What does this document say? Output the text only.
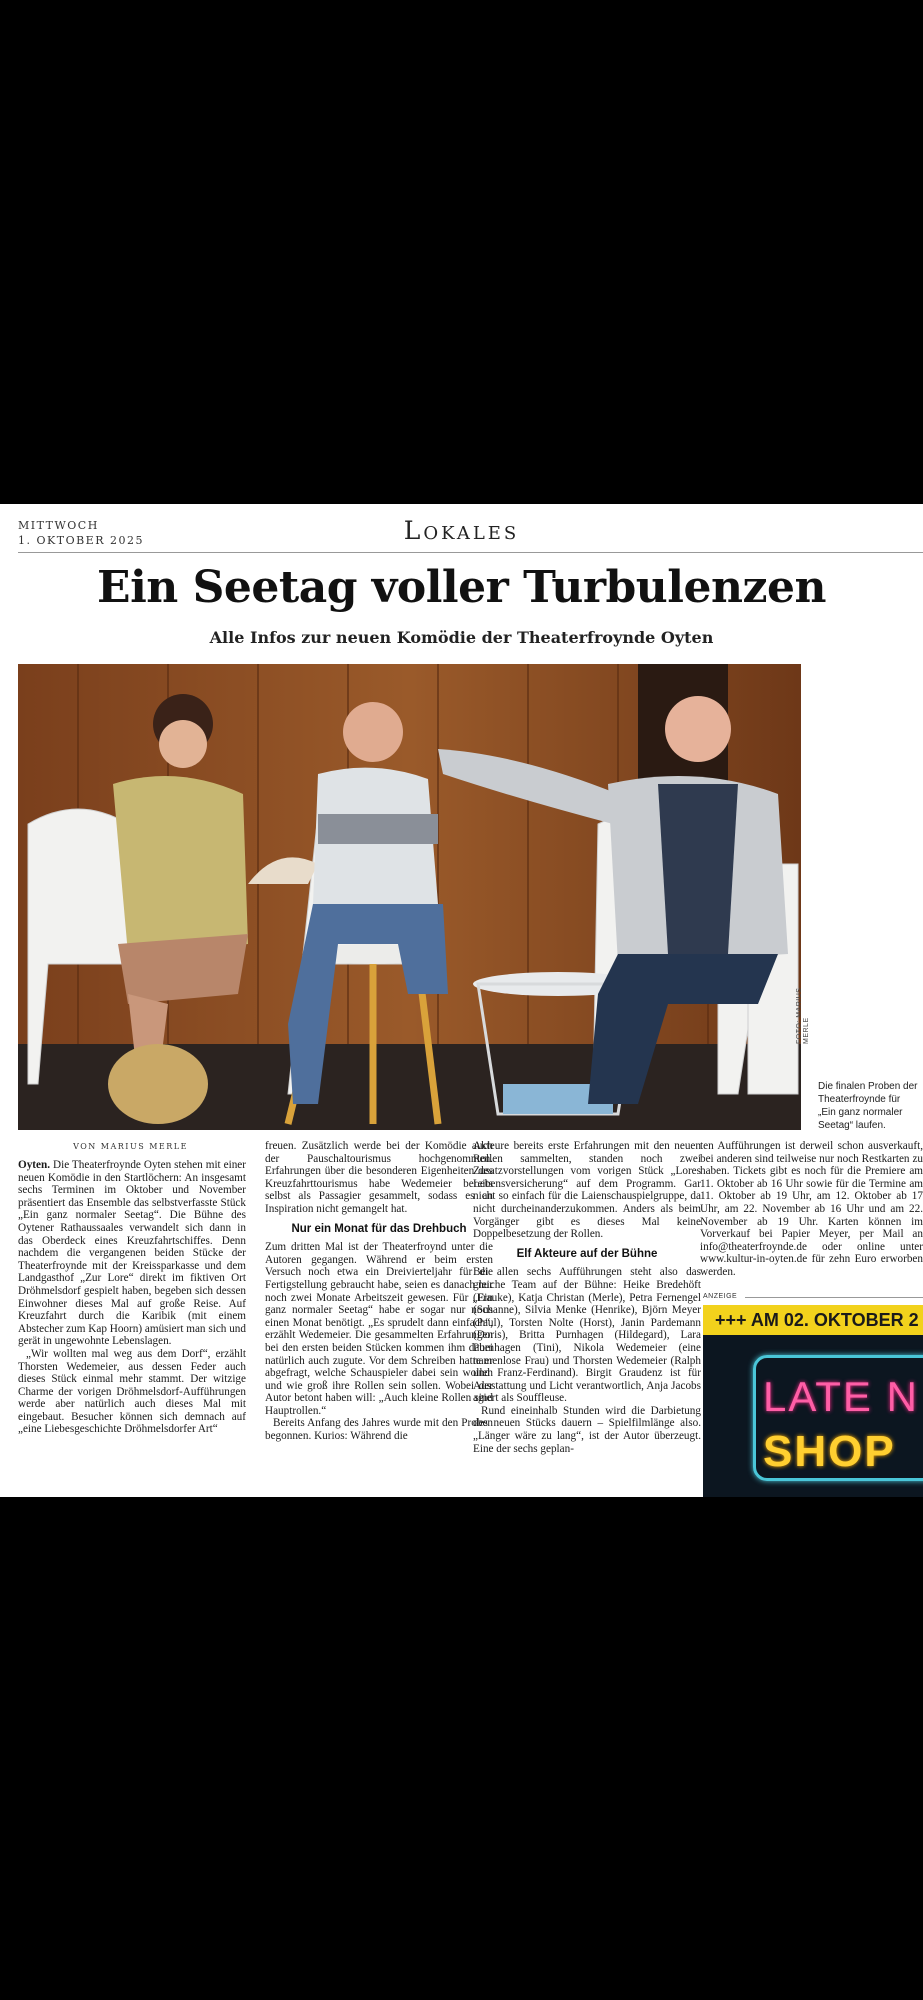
MITTWOCH
1. OKTOBER 2025	Lokales
Ein Seetag voller Turbulenzen
Alle Infos zur neuen Komödie der Theaterfroynde Oyten
FOTO: MARIUS MERLE
Die finalen Proben der Theaterfroynde für „Ein ganz normaler Seetag“ laufen.
VON MARIUS MERLE

Oyten. Die Theaterfroynde Oyten stehen mit einer neuen Komödie in den Startlöchern: An insgesamt sechs Terminen im Oktober und November präsentiert das Ensemble das selbstverfasste Stück „Ein ganz normaler Seetag“. Die Bühne des Oytener Rathaussaales verwandelt sich dann in das Oberdeck eines Kreuzfahrtschiffes. Denn nachdem die vergangenen beiden Stücke der Theaterfroynde mit der Kreissparkasse und dem Landgasthof „Zur Lore“ direkt im fiktiven Ort Dröhmelsdorf gespielt haben, begeben sich dessen Einwohner dieses Mal auf große Reise. Auf Kreuzfahrt durch die Karibik (mit einem Abstecher zum Kap Hoorn) amüsiert man sich und gerät in ungewohnte Lebenslagen.

„Wir wollten mal weg aus dem Dorf“, erzählt Thorsten Wedemeier, aus dessen Feder auch dieses Stück einmal mehr stammt. Der witzige Charme der vorigen Dröhmelsdorf-Aufführungen werde aber natürlich auch dieses Mal mit eingebaut. Besucher können sich demnach auf „eine Liebesgeschichte Dröhmelsdorfer Art“

freuen. Zusätzlich werde bei der Komödie auch der Pauschaltourismus hochgenommen. Erfahrungen über die besonderen Eigenheiten des Kreuzfahrttourismus habe Wedemeier bereits selbst als Passagier gesammelt, sodass es an Inspiration nicht gemangelt hat.

Nur ein Monat für das Drehbuch

Zum dritten Mal ist der Theaterfroynd unter die Autoren gegangen. Während er beim ersten Versuch noch etwa ein Dreivierteljahr für die Fertigstellung gebraucht habe, seien es danach nur noch zwei Monate Arbeitszeit gewesen. Für „Ein ganz normaler Seetag“ habe er sogar nur noch einen Monat benötigt. „Es sprudelt dann einfach“, erzählt Wedemeier. Die gesammelten Erfahrungen bei den ersten beiden Stücken kommen ihm dabei natürlich auch zugute. Vor dem Schreiben hatte er abgefragt, welche Schauspieler dabei sein wollen und wie groß ihre Rollen sein sollen. Wobei der Autor betont haben will: „Auch kleine Rollen sind Hauptrollen.“

Bereits Anfang des Jahres wurde mit den Proben begonnen. Kurios: Während die

Akteure bereits erste Erfahrungen mit den neuen Rollen sammelten, standen noch zwei Zusatzvorstellungen vom vorigen Stück „Lores Lebensversicherung“ auf dem Programm. Gar nicht so einfach für die Laienschauspielgruppe, da nicht durcheinanderzukommen. Anders als beim Vorgänger gibt es dieses Mal keine Doppelbesetzung der Rollen.

Elf Akteure auf der Bühne

Bei allen sechs Aufführungen steht also das gleiche Team auf der Bühne: Heike Bredehöft (Frauke), Katja Christan (Merle), Petra Fernengel (Susanne), Silvia Menke (Henrike), Björn Meyer (Paul), Torsten Nolte (Horst), Janin Pardemann (Doris), Britta Purnhagen (Hildegard), Lara Purnhagen (Tini), Nikola Wedemeier (eine namenlose Frau) und Thorsten Wedemeier (Ralph und Franz-Ferdinand). Birgit Graudenz ist für Ausstattung und Licht verantwortlich, Anja Jacobs agiert als Souffleuse.

Rund eineinhalb Stunden wird die Darbietung des neuen Stücks dauern – Spielfilmlänge also. „Länger wäre zu lang“, ist der Autor überzeugt. Eine der sechs geplan-

ten Aufführungen ist derweil schon ausverkauft, bei anderen sind teilweise nur noch Restkarten zu haben. Tickets gibt es noch für die Premiere am 11. Oktober ab 16 Uhr sowie für die Termine am 11. Oktober ab 19 Uhr, am 12. Oktober ab 17 Uhr, am 22. November ab 16 Uhr und am 22. November ab 19 Uhr. Karten können im Vorverkauf bei Papier Meyer, per Mail an info@theaterfroynde.de oder online unter www.kultur-in-oyten.de für zehn Euro erworben werden.

ANZEIGE
+++ AM 02. OKTOBER 2
LATE N
SHOP
